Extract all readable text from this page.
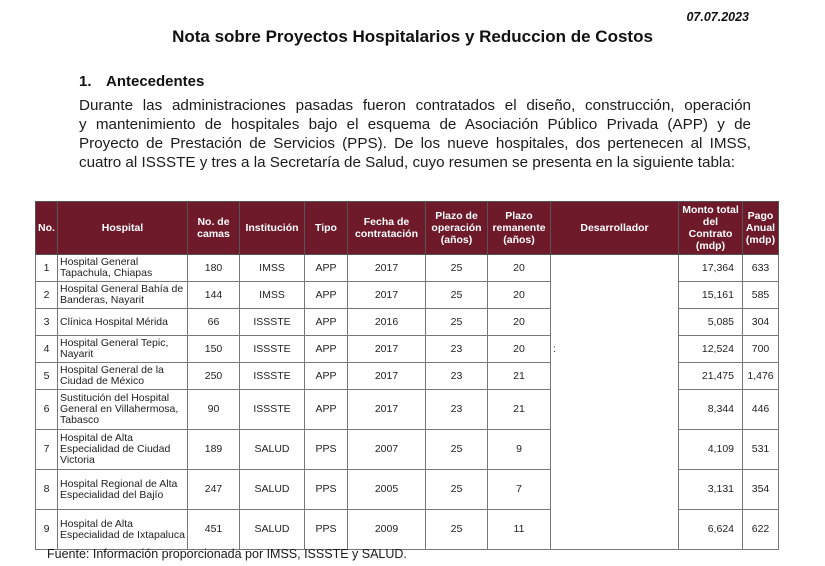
07.07.2023
Nota sobre Proyectos Hospitalarios y Reduccion de Costos
1. Antecedentes
Durante las administraciones pasadas fueron contratados el diseño, construcción, operación
y mantenimiento de hospitales bajo el esquema de Asociación Público Privada (APP) y de
Proyecto de Prestación de Servicios (PPS). De los nueve hospitales, dos pertenecen al IMSS,
cuatro al ISSSTE y tres a la Secretaría de Salud, cuyo resumen se presenta en la siguiente tabla:
No.	Hospital	No. de camas	Institución	Tipo	Fecha de contratación	Plazo de operación (años)	Plazo remanente (años)	Desarrollador	Monto total del Contrato (mdp)	Pago Anual (mdp)
1	Hospital General Tapachula, Chiapas	180	IMSS	APP	2017	25	20		17,364	633
2	Hospital General Bahía de Banderas, Nayarit	144	IMSS	APP	2017	25	20		15,161	585
3	Clínica Hospital Mérida	66	ISSSTE	APP	2016	25	20		5,085	304
4	Hospital General Tepic, Nayarit	150	ISSSTE	APP	2017	23	20	:	12,524	700
5	Hospital General de la Ciudad de México	250	ISSSTE	APP	2017	23	21		21,475	1,476
6	Sustitución del Hospital General en Villahermosa, Tabasco	90	ISSSTE	APP	2017	23	21		8,344	446
7	Hospital de Alta Especialidad de Ciudad Victoria	189	SALUD	PPS	2007	25	9		4,109	531
8	Hospital Regional de Alta Especialidad del Bajío	247	SALUD	PPS	2005	25	7		3,131	354
9	Hospital de Alta Especialidad de Ixtapaluca	451	SALUD	PPS	2009	25	11		6,624	622
Fuente: Información proporcionada por IMSS, ISSSTE y SALUD.
